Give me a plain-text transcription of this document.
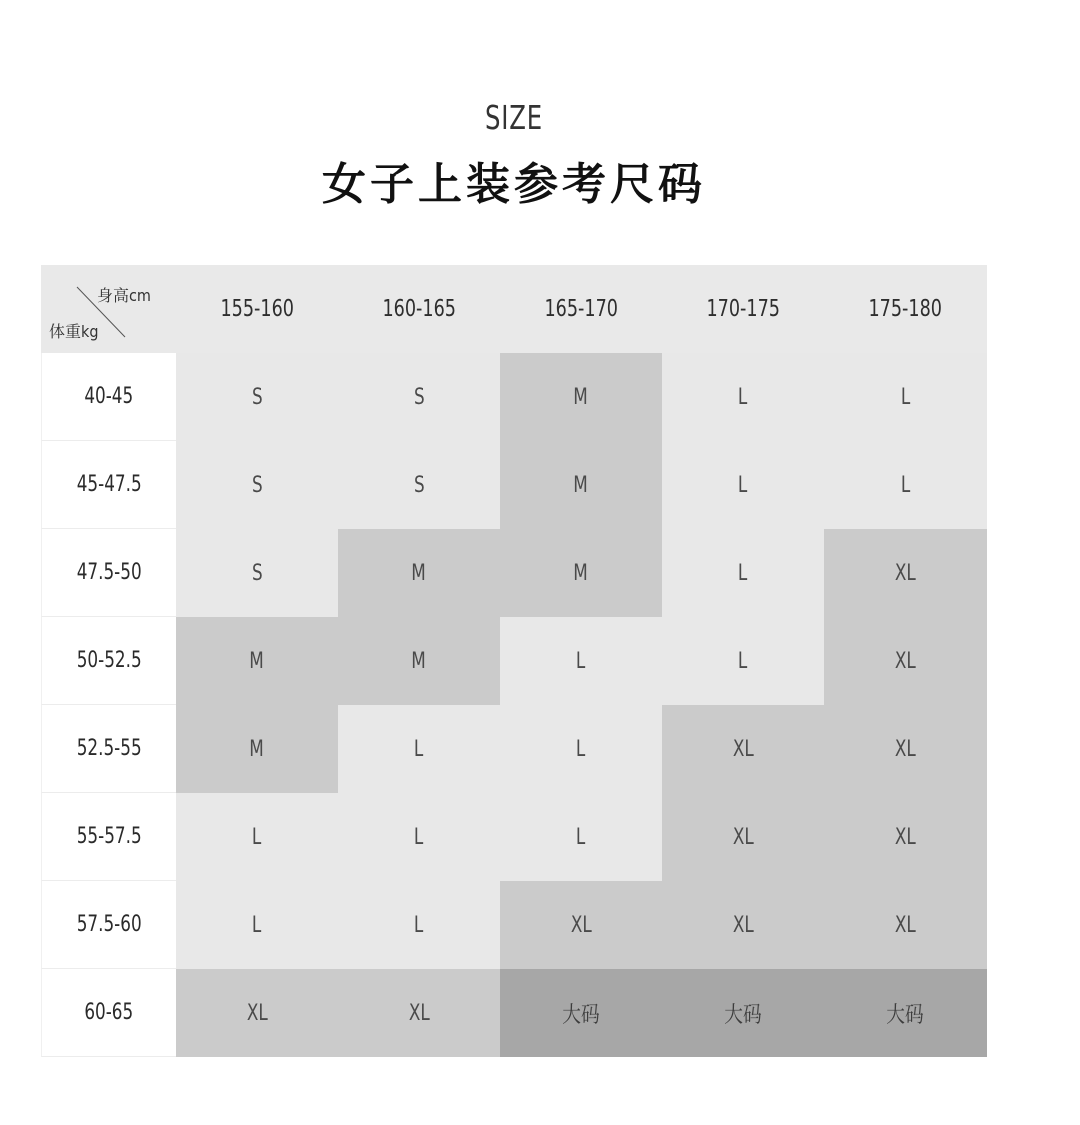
SIZE
女子上装参考尺码
身高cm
体重kg
155-160	160-165	165-170	170-175	175-180
40-45	S	S	M	L	L
45-47.5	S	S	M	L	L
47.5-50	S	M	M	L	XL
50-52.5	M	M	L	L	XL
52.5-55	M	L	L	XL	XL
55-57.5	L	L	L	XL	XL
57.5-60	L	L	XL	XL	XL
60-65	XL	XL	大码	大码	大码
